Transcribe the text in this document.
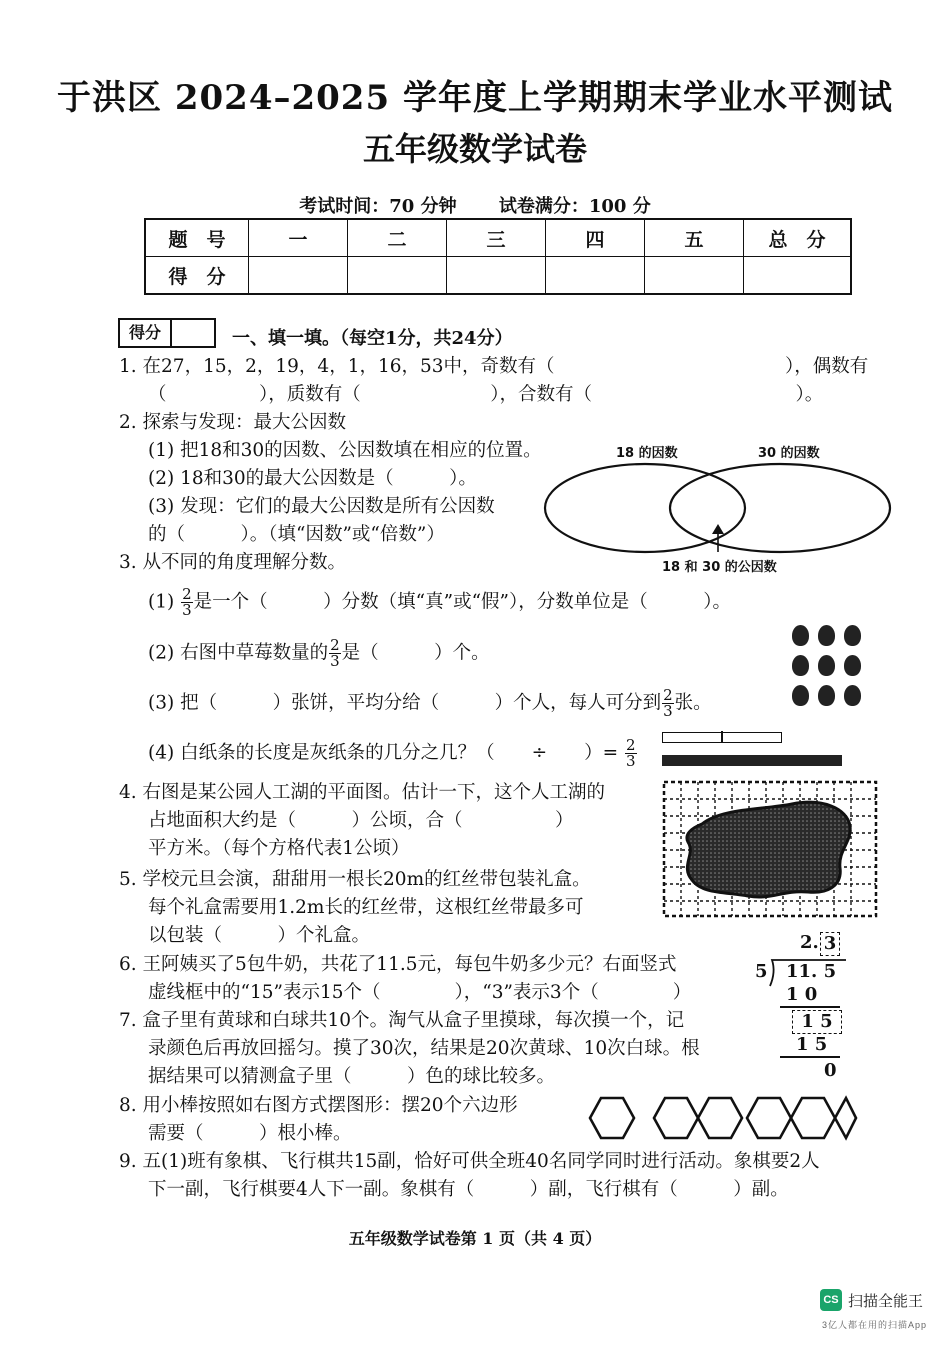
于洪区 2024–2025 学年度上学期期末学业水平测试
五年级数学试卷
考试时间：70 分钟 试卷满分：100 分
题　号	一	二	三	四	五	总　分
得　分						
得分	一、填一填。（每空1分，共24分）
1. 在27，15，2，19，4，1，16，53中，奇数有（	），偶数有
（　　　　　），质数有（　　　　　　　），合数有（　　　　　　　　　　　）。
2. 探索与发现：最大公因数
(1) 把18和30的因数、公因数填在相应的位置。
(2) 18和30的最大公因数是（　　　）。
(3) 发现：它们的最大公因数是所有公因数
的（　　　）。（填“因数”或“倍数”）
18 的因数	30 的因数
18 和 30 的公因数
3. 从不同的角度理解分数。
$(1) \frac{2}{3}$ 是一个（　　　）分数（填“真”或“假”），分数单位是（　　　）。
(2) 右图中草莓数量的 $\frac{2}{3}$ 是（　　　）个。
(3) 把（　　　）张饼，平均分给（　　　）个人，每人可分到 $\frac{2}{3}$ 张。
(4) 白纸条的长度是灰纸条的几分之几？（　　÷　　）= $\frac{2}{3}$
4. 右图是某公园人工湖的平面图。估计一下，这个人工湖的
占地面积大约是（　　　）公顷，合（　　　　　）
平方米。（每个方格代表1公顷）
5. 学校元旦会演，甜甜用一根长20m的红丝带包装礼盒。
每个礼盒需要用1.2m长的红丝带，这根红丝带最多可
以包装（　　　）个礼盒。
6. 王阿姨买了5包牛奶，共花了11.5元，每包牛奶多少元？右面竖式
虚线框中的“15”表示15个（　　　　），“3”表示3个（　　　　）
2. 3
5 11. 5
1 0
1 5
1 5
0
7. 盒子里有黄球和白球共10个。淘气从盒子里摸球，每次摸一个，记
录颜色后再放回摇匀。摸了30次，结果是20次黄球、10次白球。根
据结果可以猜测盒子里（　　　）色的球比较多。
8. 用小棒按照如右图方式摆图形：摆20个六边形
需要（　　　）根小棒。
9. 五(1)班有象棋、飞行棋共15副，恰好可供全班40名同学同时进行活动。象棋要2人
下一副，飞行棋要4人下一副。象棋有（　　　）副，飞行棋有（　　　）副。
五年级数学试卷第 1 页（共 4 页）
CS 扫描全能王
3亿人都在用的扫描App
